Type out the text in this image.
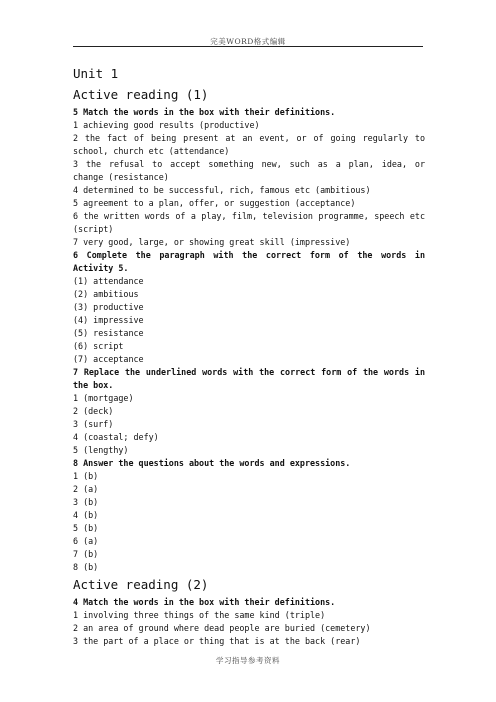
完美WORD格式编辑
Unit 1
Active reading (1)
5 Match the words in the box with their definitions.
1 achieving good results (productive)
2 the fact of being present at an event, or of going regularly to school, church etc (attendance)
3 the refusal to accept something new, such as a plan, idea, or change (resistance)
4 determined to be successful, rich, famous etc (ambitious)
5 agreement to a plan, offer, or suggestion (acceptance)
6 the written words of a play, film, television programme, speech etc (script)
7 very good, large, or showing great skill (impressive)
6 Complete the paragraph with the correct form of the words in Activity 5.
(1) attendance
(2) ambitious
(3) productive
(4) impressive
(5) resistance
(6) script
(7) acceptance
7 Replace the underlined words with the correct form of the words in the box.
1 (mortgage)
2 (deck)
3 (surf)
4 (coastal; defy)
5 (lengthy)
8 Answer the questions about the words and expressions.
1 (b)
2 (a)
3 (b)
4 (b)
5 (b)
6 (a)
7 (b)
8 (b)
Active reading (2)
4 Match the words in the box with their definitions.
1 involving three things of the same kind (triple)
2 an area of ground where dead people are buried (cemetery)
3 the part of a place or thing that is at the back (rear)
学习指导参考资料
